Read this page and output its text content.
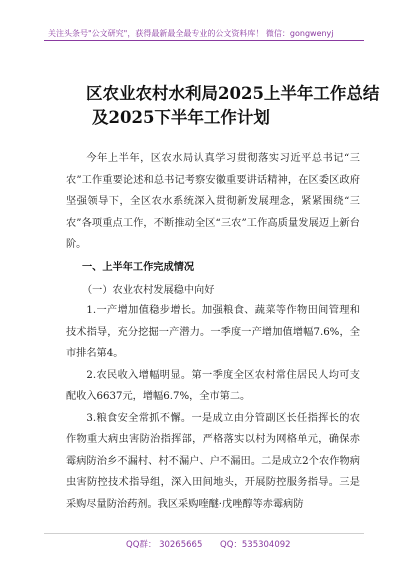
关注头条号"公文研究"，获得最新最全最专业的公文资料库！ 微信：gongwenyj
区农业农村水利局2025上半年工作总结
及2025下半年工作计划

今年上半年，区农水局认真学习贯彻落实习近平总书记“三农”工作重要论述和总书记考察安徽重要讲话精神，在区委区政府坚强领导下，全区农水系统深入贯彻新发展理念，紧紧围绕“三农”各项重点工作，不断推动全区“三农”工作高质量发展迈上新台阶。

一、上半年工作完成情况
（一）农业农村发展稳中向好

1.一产增加值稳步增长。加强粮食、蔬菜等作物田间管理和技术指导，充分挖掘一产潜力。一季度一产增加值增幅7.6%，全市排名第4。

2.农民收入增幅明显。第一季度全区农村常住居民人均可支配收入6637元，增幅6.7%，全市第二。

3.粮食安全常抓不懈。一是成立由分管副区长任指挥长的农作物重大病虫害防治指挥部，严格落实以村为网格单元，确保赤霉病防治乡不漏村、村不漏户、户不漏田。二是成立2个农作物病虫害防控技术指导组，深入田间地头，开展防控服务指导。三是采购尽量防治药剂。我区采购喹醚·戊唑醇等赤霉病防

QQ群： 30265665 QQ：535304092
